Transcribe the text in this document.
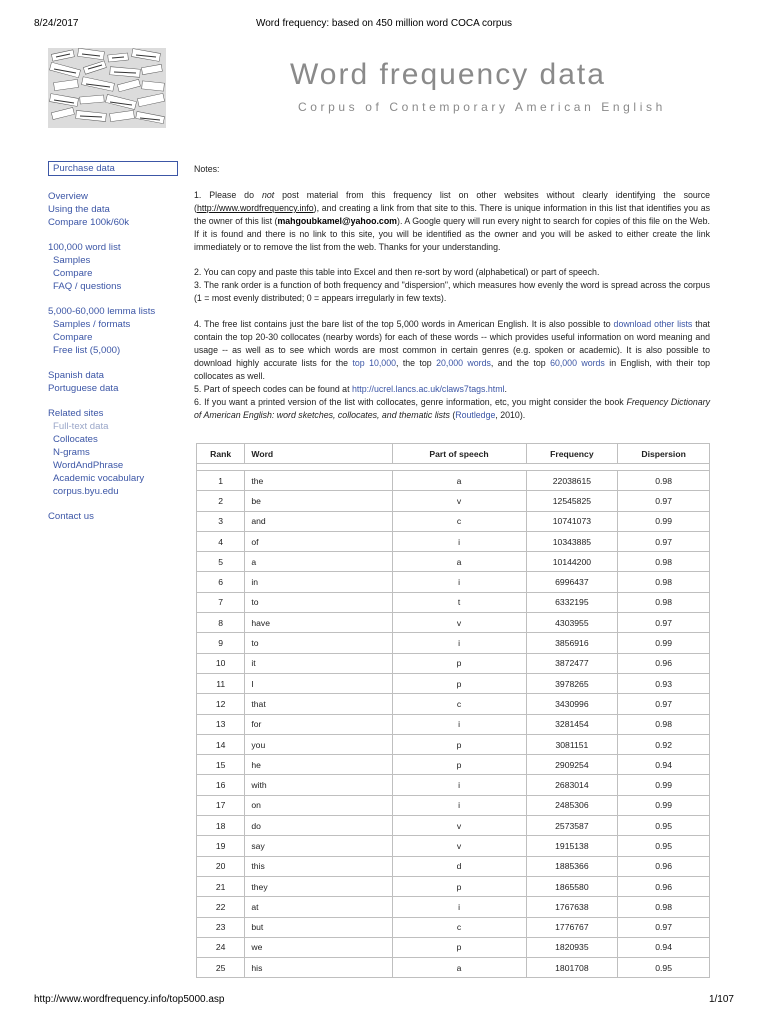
8/24/2017	Word frequency: based on 450 million word COCA corpus
Word frequency data
Corpus of Contemporary American English
Purchase data
Overview
Using the data
Compare 100k/60k
100,000 word list
Samples
Compare
FAQ / questions
5,000-60,000 lemma lists
Samples / formats
Compare
Free list (5,000)
Spanish data
Portuguese data
Related sites
Full-text data
Collocates
N-grams
WordAndPhrase
Academic vocabulary
corpus.byu.edu
Contact us

Notes:

1. Please do not post material from this frequency list on other websites without clearly identifying the source (http://www.wordfrequency.info), and creating a link from that site to this. There is unique information in this list that identifies you as the owner of this list (mahgoubkamel@yahoo.com). A Google query will run every night to search for copies of this file on the Web. If it is found and there is no link to this site, you will be identified as the owner and you will be asked to either create the link immediately or to remove the list from the web. Thanks for your understanding.

2. You can copy and paste this table into Excel and then re-sort by word (alphabetical) or part of speech.

3. The rank order is a function of both frequency and "dispersion", which measures how evenly the word is spread across the corpus (1 = most evenly distributed; 0 = appears irregularly in few texts).

4. The free list contains just the bare list of the top 5,000 words in American English. It is also possible to download other lists that contain the top 20-30 collocates (nearby words) for each of these words -- which provides useful information on word meaning and usage -- as well as to see which words are most common in certain genres (e.g. spoken or academic). It is also possible to download highly accurate lists for the top 10,000, the top 20,000 words, and the top 60,000 words in English, with their top collocates as well.

5. Part of speech codes can be found at http://ucrel.lancs.ac.uk/claws7tags.html.

6. If you want a printed version of the list with collocates, genre information, etc, you might consider the book Frequency Dictionary of American English: word sketches, collocates, and thematic lists (Routledge, 2010).

Rank	Word	Part of speech	Frequency	Dispersion

1	the	a	22038615	0.98
2	be	v	12545825	0.97
3	and	c	10741073	0.99
4	of	i	10343885	0.97
5	a	a	10144200	0.98
6	in	i	6996437	0.98
7	to	t	6332195	0.98
8	have	v	4303955	0.97
9	to	i	3856916	0.99
10	it	p	3872477	0.96
11	I	p	3978265	0.93
12	that	c	3430996	0.97
13	for	i	3281454	0.98
14	you	p	3081151	0.92
15	he	p	2909254	0.94
16	with	i	2683014	0.99
17	on	i	2485306	0.99
18	do	v	2573587	0.95
19	say	v	1915138	0.95
20	this	d	1885366	0.96
21	they	p	1865580	0.96
22	at	i	1767638	0.98
23	but	c	1776767	0.97
24	we	p	1820935	0.94
25	his	a	1801708	0.95
http://www.wordfrequency.info/top5000.asp	1/107
